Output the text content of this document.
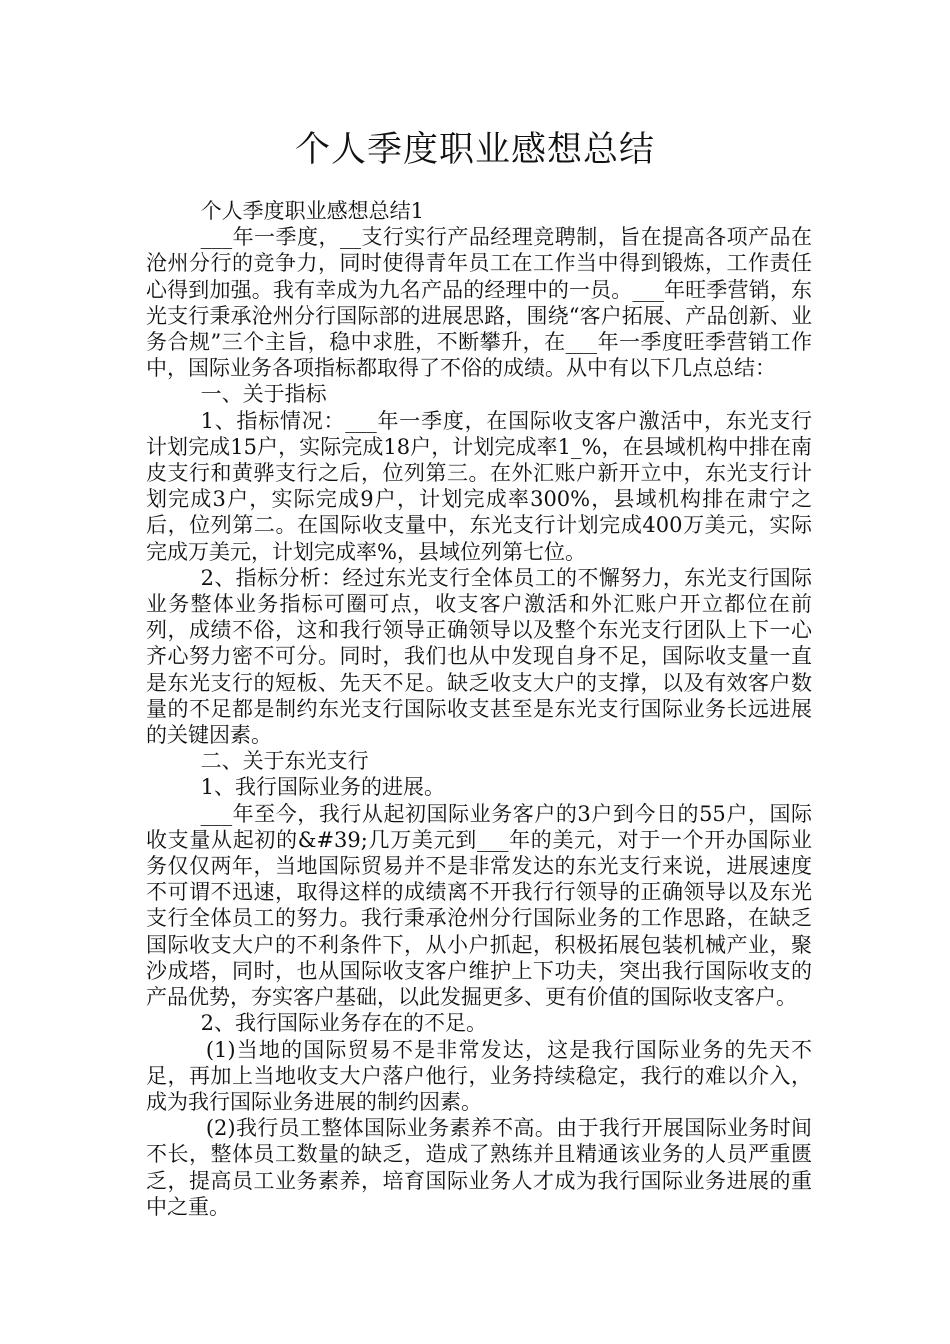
个人季度职业感想总结

个人季度职业感想总结1

___年一季度，__支行实行产品经理竞聘制，旨在提高各项产品在沧州分行的竞争力，同时使得青年员工在工作当中得到锻炼，工作责任心得到加强。我有幸成为九名产品的经理中的一员。___年旺季营销，东光支行秉承沧州分行国际部的进展思路，围绕“客户拓展、产品创新、业务合规”三个主旨，稳中求胜，不断攀升，在___年一季度旺季营销工作中，国际业务各项指标都取得了不俗的成绩。从中有以下几点总结：

一、关于指标

1、指标情况：___年一季度，在国际收支客户激活中，东光支行计划完成15户，实际完成18户，计划完成率1_%，在县域机构中排在南皮支行和黄骅支行之后，位列第三。在外汇账户新开立中，东光支行计划完成3户，实际完成9户，计划完成率300%，县域机构排在肃宁之后，位列第二。在国际收支量中，东光支行计划完成400万美元，实际完成万美元，计划完成率%，县域位列第七位。

2、指标分析：经过东光支行全体员工的不懈努力，东光支行国际业务整体业务指标可圈可点，收支客户激活和外汇账户开立都位在前列，成绩不俗，这和我行领导正确领导以及整个东光支行团队上下一心齐心努力密不可分。同时，我们也从中发现自身不足，国际收支量一直是东光支行的短板、先天不足。缺乏收支大户的支撑，以及有效客户数量的不足都是制约东光支行国际收支甚至是东光支行国际业务长远进展的关键因素。

二、关于东光支行

1、我行国际业务的进展。

___年至今，我行从起初国际业务客户的3户到今日的55户，国际收支量从起初的&#39;几万美元到___年的美元，对于一个开办国际业务仅仅两年，当地国际贸易并不是非常发达的东光支行来说，进展速度不可谓不迅速，取得这样的成绩离不开我行行领导的正确领导以及东光支行全体员工的努力。我行秉承沧州分行国际业务的工作思路，在缺乏国际收支大户的不利条件下，从小户抓起，积极拓展包装机械产业，聚沙成塔，同时，也从国际收支客户维护上下功夫，突出我行国际收支的产品优势，夯实客户基础，以此发掘更多、更有价值的国际收支客户。

2、我行国际业务存在的不足。

(1)当地的国际贸易不是非常发达，这是我行国际业务的先天不足，再加上当地收支大户落户他行，业务持续稳定，我行的难以介入，成为我行国际业务进展的制约因素。

(2)我行员工整体国际业务素养不高。由于我行开展国际业务时间不长，整体员工数量的缺乏，造成了熟练并且精通该业务的人员严重匮乏，提高员工业务素养，培育国际业务人才成为我行国际业务进展的重中之重。
